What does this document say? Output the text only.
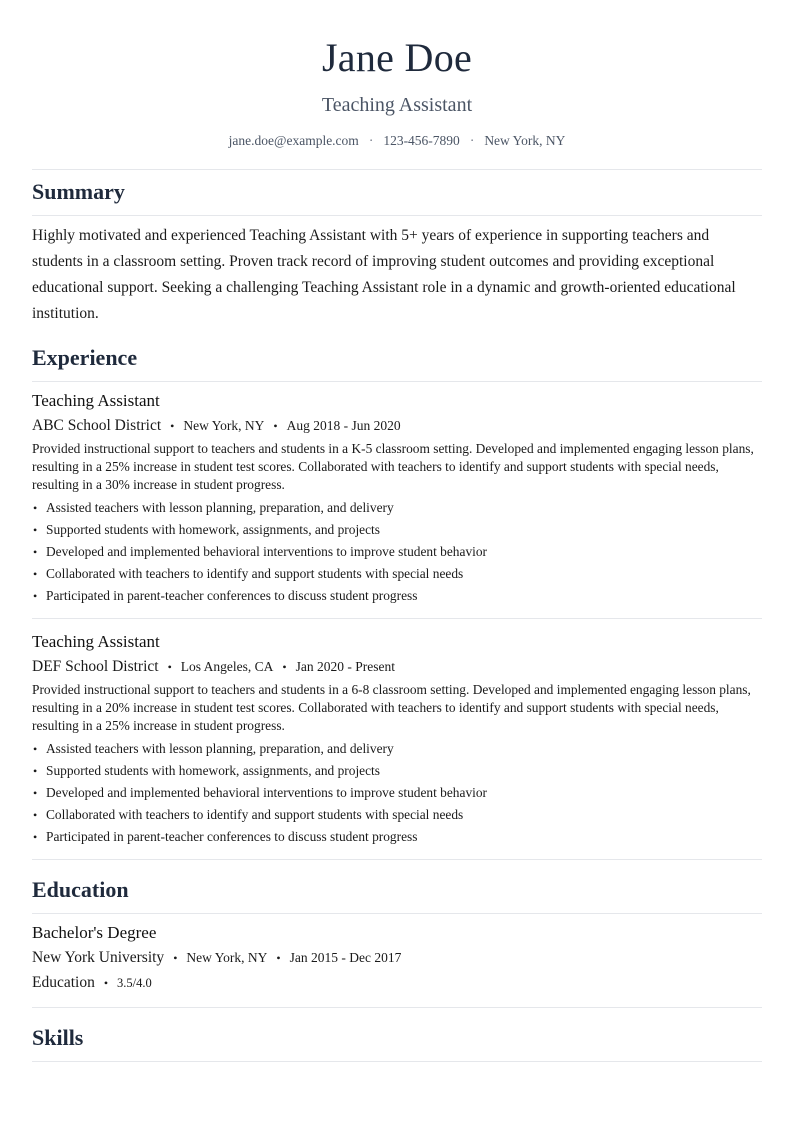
Jane Doe
Teaching Assistant
jane.doe@example.com · 123-456-7890 · New York, NY
Summary

Highly motivated and experienced Teaching Assistant with 5+ years of experience in supporting teachers and students in a classroom setting. Proven track record of improving student outcomes and providing exceptional educational support. Seeking a challenging Teaching Assistant role in a dynamic and growth-oriented educational institution.

Experience
Teaching Assistant
ABC School District • New York, NY • Aug 2018 - Jun 2020

Provided instructional support to teachers and students in a K-5 classroom setting. Developed and implemented engaging lesson plans, resulting in a 25% increase in student test scores. Collaborated with teachers to identify and support students with special needs, resulting in a 30% increase in student progress.

• Assisted teachers with lesson planning, preparation, and delivery
• Supported students with homework, assignments, and projects
• Developed and implemented behavioral interventions to improve student behavior
• Collaborated with teachers to identify and support students with special needs
• Participated in parent-teacher conferences to discuss student progress
Teaching Assistant
DEF School District • Los Angeles, CA • Jan 2020 - Present

Provided instructional support to teachers and students in a 6-8 classroom setting. Developed and implemented engaging lesson plans, resulting in a 20% increase in student test scores. Collaborated with teachers to identify and support students with special needs, resulting in a 25% increase in student progress.

• Assisted teachers with lesson planning, preparation, and delivery
• Supported students with homework, assignments, and projects
• Developed and implemented behavioral interventions to improve student behavior
• Collaborated with teachers to identify and support students with special needs
• Participated in parent-teacher conferences to discuss student progress
Education
Bachelor's Degree
New York University • New York, NY • Jan 2015 - Dec 2017
Education • 3.5/4.0
Skills
